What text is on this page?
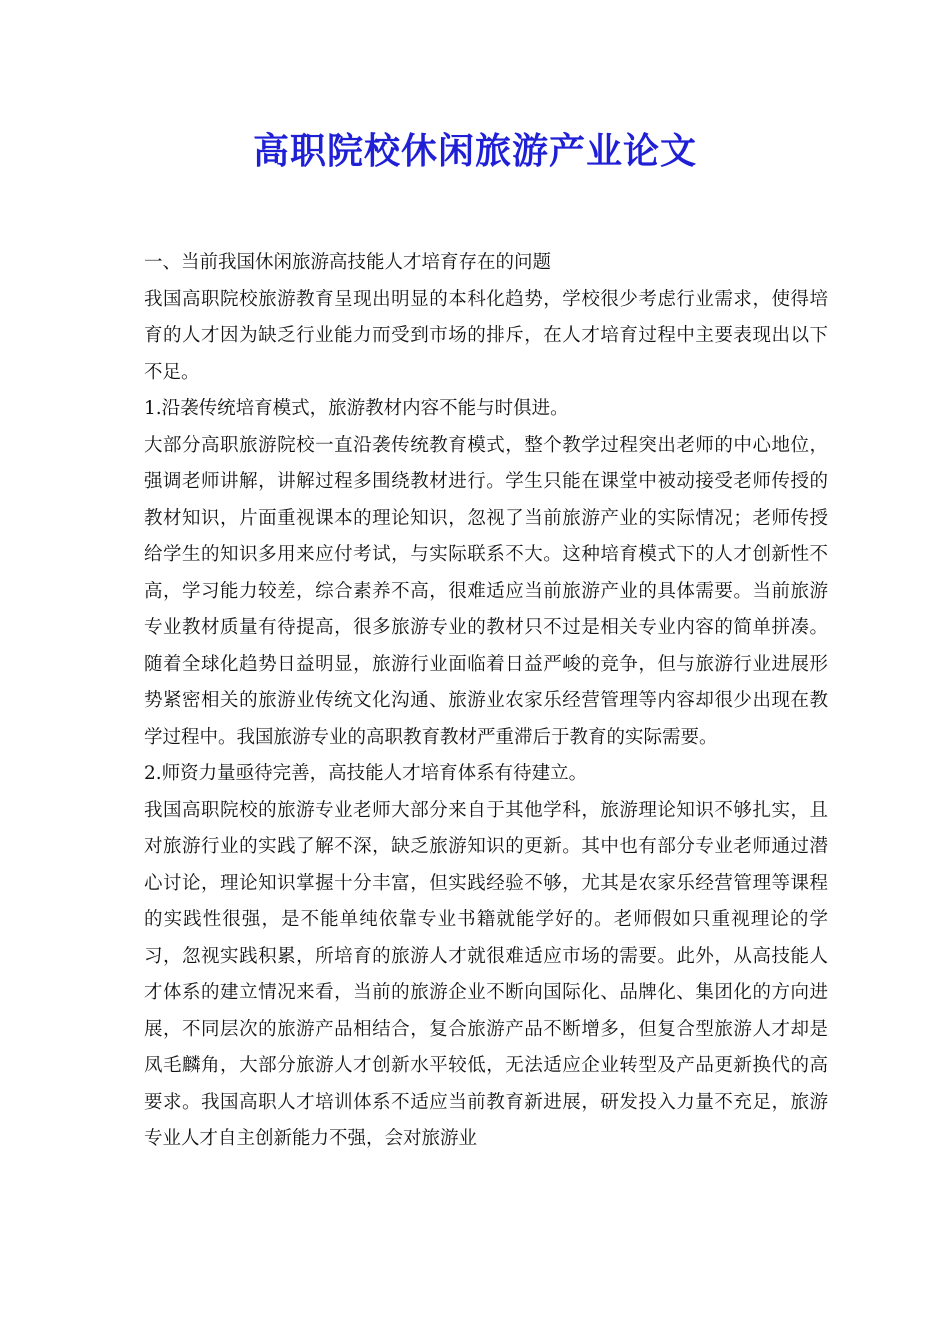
高职院校休闲旅游产业论文

一、当前我国休闲旅游高技能人才培育存在的问题

我国高职院校旅游教育呈现出明显的本科化趋势，学校很少考虑行业需求，使得培育的人才因为缺乏行业能力而受到市场的排斥，在人才培育过程中主要表现出以下不足。

1.沿袭传统培育模式，旅游教材内容不能与时俱进。

大部分高职旅游院校一直沿袭传统教育模式，整个教学过程突出老师的中心地位，强调老师讲解，讲解过程多围绕教材进行。学生只能在课堂中被动接受老师传授的教材知识，片面重视课本的理论知识，忽视了当前旅游产业的实际情况；老师传授给学生的知识多用来应付考试，与实际联系不大。这种培育模式下的人才创新性不高，学习能力较差，综合素养不高，很难适应当前旅游产业的具体需要。当前旅游专业教材质量有待提高，很多旅游专业的教材只不过是相关专业内容的简单拼凑。随着全球化趋势日益明显，旅游行业面临着日益严峻的竞争，但与旅游行业进展形势紧密相关的旅游业传统文化沟通、旅游业农家乐经营管理等内容却很少出现在教学过程中。我国旅游专业的高职教育教材严重滞后于教育的实际需要。

2.师资力量亟待完善，高技能人才培育体系有待建立。

我国高职院校的旅游专业老师大部分来自于其他学科，旅游理论知识不够扎实，且对旅游行业的实践了解不深，缺乏旅游知识的更新。其中也有部分专业老师通过潜心讨论，理论知识掌握十分丰富，但实践经验不够，尤其是农家乐经营管理等课程的实践性很强，是不能单纯依靠专业书籍就能学好的。老师假如只重视理论的学习，忽视实践积累，所培育的旅游人才就很难适应市场的需要。此外，从高技能人才体系的建立情况来看，当前的旅游企业不断向国际化、品牌化、集团化的方向进展，不同层次的旅游产品相结合，复合旅游产品不断增多，但复合型旅游人才却是凤毛麟角，大部分旅游人才创新水平较低，无法适应企业转型及产品更新换代的高要求。我国高职人才培训体系不适应当前教育新进展，研发投入力量不充足，旅游专业人才自主创新能力不强，会对旅游业
